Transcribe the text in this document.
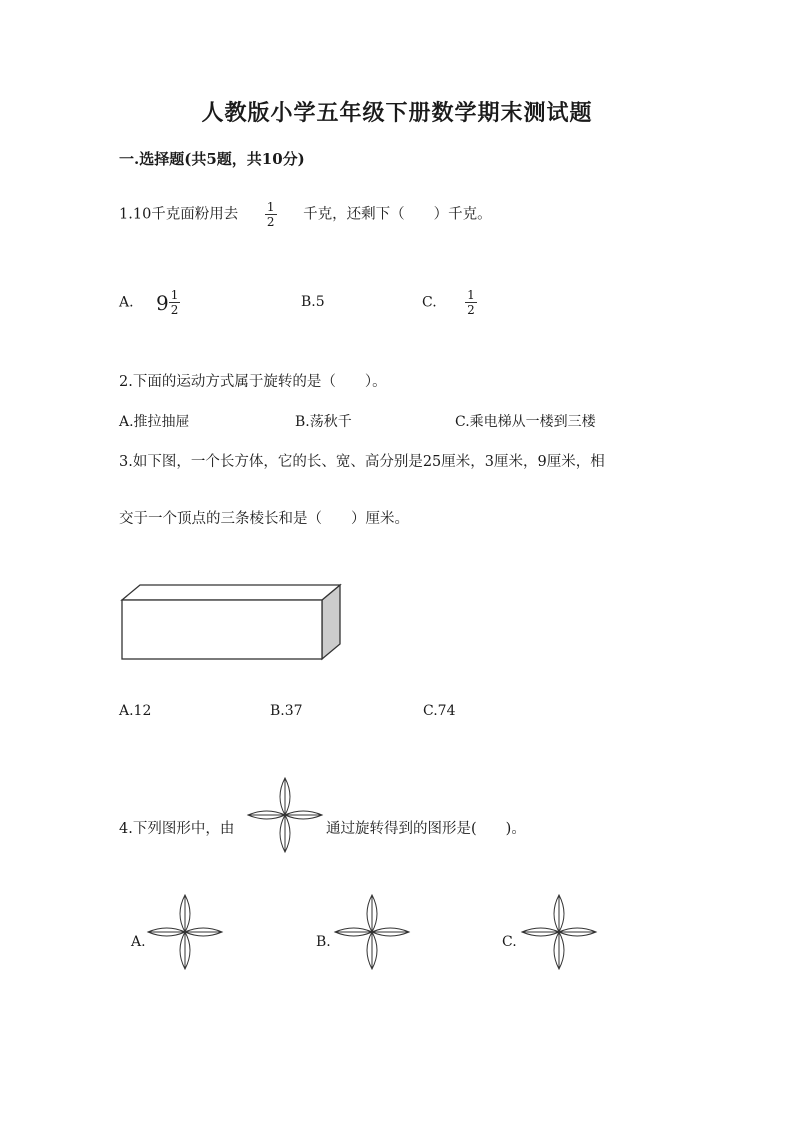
人教版小学五年级下册数学期末测试题
一.选择题(共5题，共10分)
1.10千克面粉用去 $\frac{1}{2}$ 千克，还剩下（　　）千克。
A. $9 \frac{1}{2}$	B.5	C. $\frac{1}{2}$
2.下面的运动方式属于旋转的是（　　）。
A.推拉抽屉	B.荡秋千	C.乘电梯从一楼到三楼
3.如下图，一个长方体，它的长、宽、高分别是25厘米，3厘米，9厘米，相
交于一个顶点的三条棱长和是（　　）厘米。
A.12	B.37	C.74
4.下列图形中，由	通过旋转得到的图形是(　　)。
A.	B.	C.
